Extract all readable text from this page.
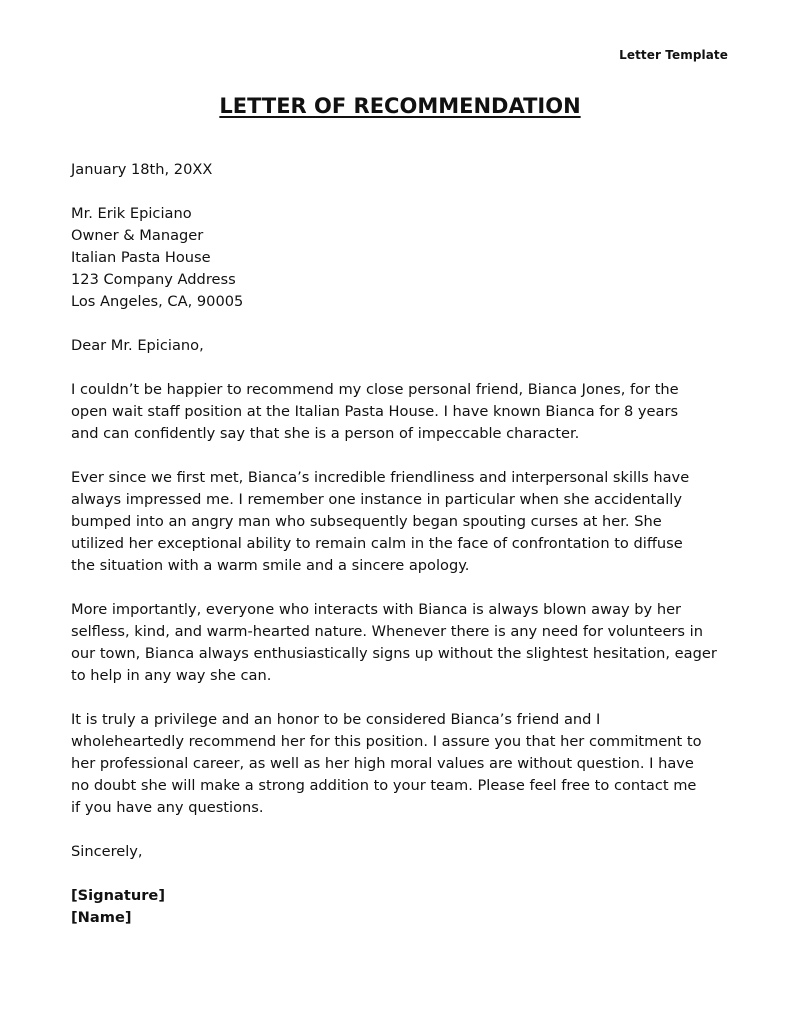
Letter Template
LETTER OF RECOMMENDATION
January 18th, 20XX
Mr. Erik Epiciano
Owner & Manager
Italian Pasta House
123 Company Address
Los Angeles, CA, 90005
Dear Mr. Epiciano,
I couldn’t be happier to recommend my close personal friend, Bianca Jones, for the
open wait staff position at the Italian Pasta House. I have known Bianca for 8 years
and can confidently say that she is a person of impeccable character.
Ever since we first met, Bianca’s incredible friendliness and interpersonal skills have
always impressed me. I remember one instance in particular when she accidentally
bumped into an angry man who subsequently began spouting curses at her. She
utilized her exceptional ability to remain calm in the face of confrontation to diffuse
the situation with a warm smile and a sincere apology.
More importantly, everyone who interacts with Bianca is always blown away by her
selfless, kind, and warm-hearted nature. Whenever there is any need for volunteers in
our town, Bianca always enthusiastically signs up without the slightest hesitation, eager
to help in any way she can.
It is truly a privilege and an honor to be considered Bianca’s friend and I
wholeheartedly recommend her for this position. I assure you that her commitment to
her professional career, as well as her high moral values are without question. I have
no doubt she will make a strong addition to your team. Please feel free to contact me
if you have any questions.
Sincerely,
[Signature]
[Name]
